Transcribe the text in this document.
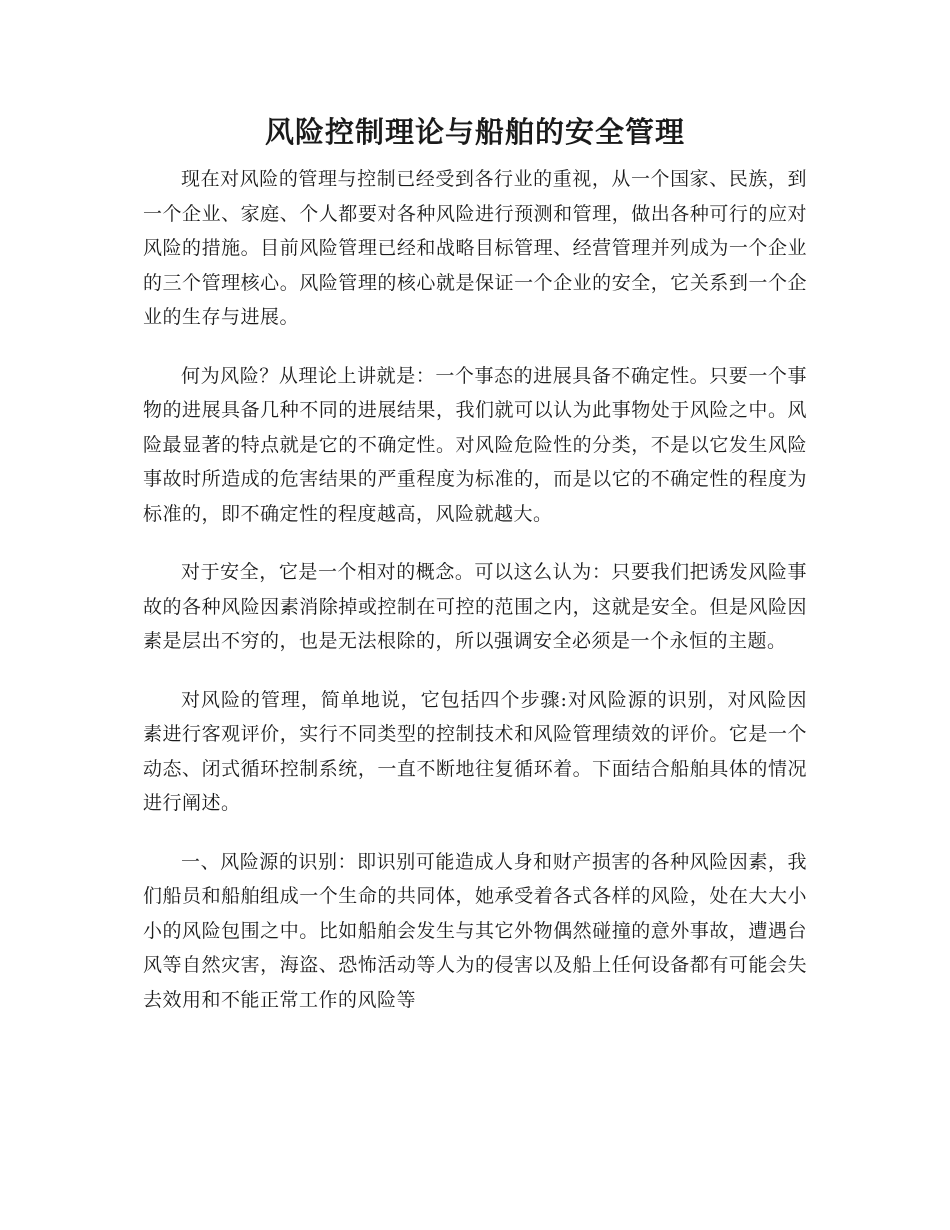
风险控制理论与船舶的安全管理

现在对风险的管理与控制已经受到各行业的重视，从一个国家、民族，到一个企业、家庭、个人都要对各种风险进行预测和管理，做出各种可行的应对风险的措施。目前风险管理已经和战略目标管理、经营管理并列成为一个企业的三个管理核心。风险管理的核心就是保证一个企业的安全，它关系到一个企业的生存与进展。

何为风险？从理论上讲就是：一个事态的进展具备不确定性。只要一个事物的进展具备几种不同的进展结果，我们就可以认为此事物处于风险之中。风险最显著的特点就是它的不确定性。对风险危险性的分类，不是以它发生风险事故时所造成的危害结果的严重程度为标准的，而是以它的不确定性的程度为标准的，即不确定性的程度越高，风险就越大。

对于安全，它是一个相对的概念。可以这么认为：只要我们把诱发风险事故的各种风险因素消除掉或控制在可控的范围之内，这就是安全。但是风险因素是层出不穷的，也是无法根除的，所以强调安全必须是一个永恒的主题。

对风险的管理，简单地说，它包括四个步骤:对风险源的识别，对风险因素进行客观评价，实行不同类型的控制技术和风险管理绩效的评价。它是一个动态、闭式循环控制系统，一直不断地往复循环着。下面结合船舶具体的情况进行阐述。

一、风险源的识别：即识别可能造成人身和财产损害的各种风险因素，我们船员和船舶组成一个生命的共同体，她承受着各式各样的风险，处在大大小小的风险包围之中。比如船舶会发生与其它外物偶然碰撞的意外事故，遭遇台风等自然灾害，海盗、恐怖活动等人为的侵害以及船上任何设备都有可能会失去效用和不能正常工作的风险等
